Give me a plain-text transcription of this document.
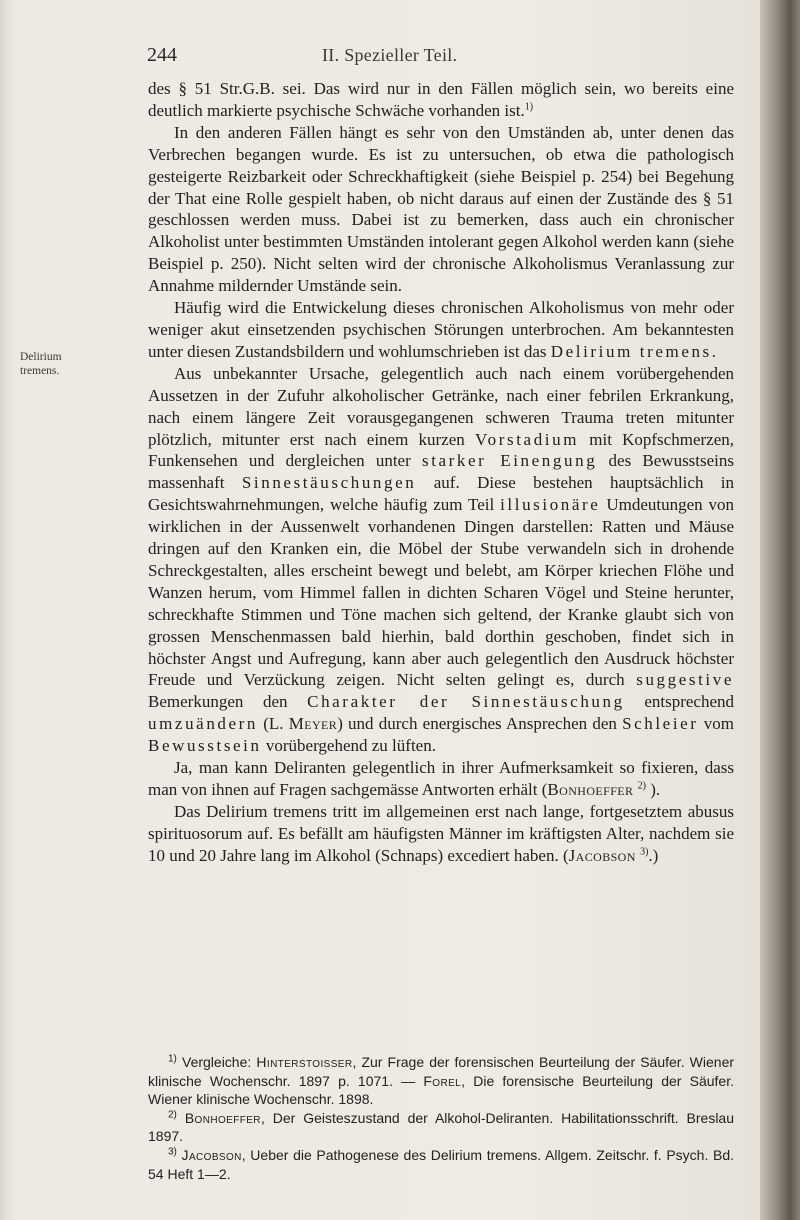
244	II. Spezieller Teil.
Delirium tremens.

des § 51 Str.G.B. sei. Das wird nur in den Fällen möglich sein, wo bereits eine deutlich markierte psychische Schwäche vorhanden ist.$^{1)}$

In den anderen Fällen hängt es sehr von den Umständen ab, unter denen das Verbrechen begangen wurde. Es ist zu untersuchen, ob etwa die pathologisch gesteigerte Reizbarkeit oder Schreckhaftigkeit (siehe Beispiel p. 254) bei Begehung der That eine Rolle gespielt haben, ob nicht daraus auf einen der Zustände des § 51 geschlossen werden muss. Dabei ist zu bemerken, dass auch ein chronischer Alkoholist unter bestimmten Umständen intolerant gegen Alkohol werden kann (siehe Beispiel p. 250). Nicht selten wird der chronische Alkoholismus Veranlassung zur Annahme mildernder Umstände sein.

Häufig wird die Entwickelung dieses chronischen Alkoholismus von mehr oder weniger akut einsetzenden psychischen Störungen unterbrochen. Am bekanntesten unter diesen Zustandsbildern und wohlumschrieben ist das Delirium tremens.

Aus unbekannter Ursache, gelegentlich auch nach einem vorübergehenden Aussetzen in der Zufuhr alkoholischer Getränke, nach einer febrilen Erkrankung, nach einem längere Zeit vorausgegangenen schweren Trauma treten mitunter plötzlich, mitunter erst nach einem kurzen Vorstadium mit Kopfschmerzen, Funkensehen und dergleichen unter starker Einengung des Bewusstseins massenhaft Sinnestäuschungen auf. Diese bestehen hauptsächlich in Gesichtswahrnehmungen, welche häufig zum Teil illusionäre Umdeutungen von wirklichen in der Aussenwelt vorhandenen Dingen darstellen: Ratten und Mäuse dringen auf den Kranken ein, die Möbel der Stube verwandeln sich in drohende Schreckgestalten, alles erscheint bewegt und belebt, am Körper kriechen Flöhe und Wanzen herum, vom Himmel fallen in dichten Scharen Vögel und Steine herunter, schreckhafte Stimmen und Töne machen sich geltend, der Kranke glaubt sich von grossen Menschenmassen bald hierhin, bald dorthin geschoben, findet sich in höchster Angst und Aufregung, kann aber auch gelegentlich den Ausdruck höchster Freude und Verzückung zeigen. Nicht selten gelingt es, durch suggestive Bemerkungen den Charakter der Sinnestäuschung entsprechend umzuändern (L. Meyer) und durch energisches Ansprechen den Schleier vom Bewusstsein vorübergehend zu lüften.

Ja, man kann Deliranten gelegentlich in ihrer Aufmerksamkeit so fixieren, dass man von ihnen auf Fragen sachgemässe Antworten erhält (Bonhoeffer $^{2)}$ ).

Das Delirium tremens tritt im allgemeinen erst nach lange, fortgesetztem abusus spirituosorum auf. Es befällt am häufigsten Männer im kräftigsten Alter, nachdem sie 10 und 20 Jahre lang im Alkohol (Schnaps) excediert haben. (Jacobson $^{3)}$.)

$^{1)}$ Vergleiche: Hinterstoisser, Zur Frage der forensischen Beurteilung der Säufer. Wiener klinische Wochenschr. 1897 p. 1071. — Forel, Die forensische Beurteilung der Säufer. Wiener klinische Wochenschr. 1898.

$^{2)}$ Bonhoeffer, Der Geisteszustand der Alkohol-Deliranten. Habilitationsschrift. Breslau 1897.

$^{3)}$ Jacobson, Ueber die Pathogenese des Delirium tremens. Allgem. Zeitschr. f. Psych. Bd. 54 Heft 1—2.
